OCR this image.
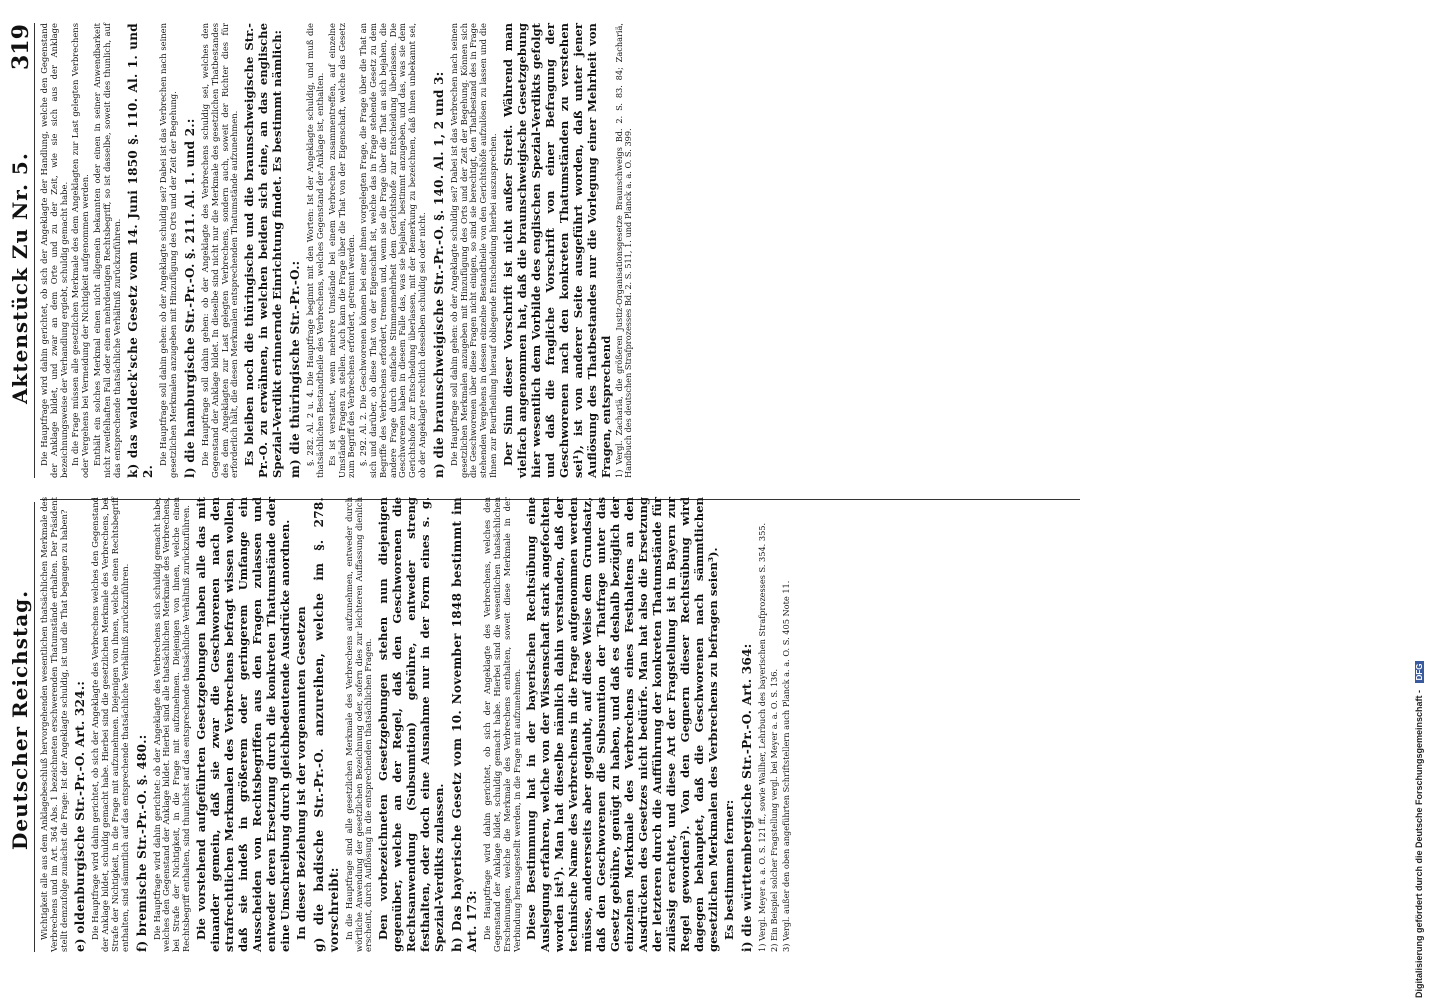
Deutscher Reichstag.
Aktenstück Zu Nr. 5.
319

Wichtigkeit alle aus dem Anklagebeschluß hervorgehenden wesentlichen thatsächlichen Merkmale des Verbrechens und im Art. 364 Abs. 1 bezeichneten erschwerenden Thatumstände erhalten. Der Präsident stellt demzufolge zunächst die Frage: Ist der Angeklagte schuldig, ist und die That begangen zu haben? e) oldenburgische Str.-Pr.-O. Art. 324.: Die Hauptfrage wird dahin gerichtet, ob sich der Angeklagte des Verbrechens welches den Gegenstand der Anklage bildet, schuldig gemacht habe. Hierbei sind die gesetzlichen Merkmale des Verbrechens, bei Strafe der Nichtigkeit, in die Frage mit aufzunehmen. Diejenigen von ihnen, welche einen Rechtsbegriff enthalten, sind sämmtlich auf das entsprechende thatsächliche Verhältniß zurückzuführen. f) bremische Str.-Pr.-O. §. 480.: Die Hauptfrage wird dahin gerichtet: ob der Angeklagte des Verbrechens sich schuldig gemacht habe, welches den Gegenstand der Anklage bildet. Hierbei sind alle thatsächlichen Merkmale des Verbrechens, bei Strafe der Nichtigkeit, in die Frage mit aufzunehmen. Diejenigen von ihnen, welche einen Rechtsbegriff enthalten, sind thunlichst auf das entsprechende thatsächliche Verhältniß zurückzuführen. Die vorstehend aufgeführten Gesetzgebungen haben alle das mit einander gemein, daß sie zwar die Geschworenen nach den strafrechtlichen Merkmalen des Verbrechens befragt wissen wollen, daß sie indeß in größerem oder geringerem Umfange ein Ausscheiden von Rechtsbegriffen aus den Fragen zulassen und entweder deren Ersetzung durch die konkreten Thatumstände oder eine Umschreibung durch gleichbedeutende Ausdrücke anordnen. In dieser Beziehung ist der vorgenannten Gesetzen g) die badische Str.-Pr.-O. anzureihen, welche im §. 278. vorschreibt: In die Hauptfrage sind alle gesetzlichen Merkmale des Verbrechens aufzunehmen, entweder durch wörtliche Anwendung der gesetzlichen Bezeichnung oder, sofern dies zur leichteren Auffassung dienlich erscheint, durch Auflösung in die entsprechenden thatsächlichen Fragen. Den vorbezeichneten Gesetzgebungen stehen nun diejenigen gegenüber, welche an der Regel, daß den Geschworenen die Rechtsanwendung (Subsumtion) gebühre, entweder streng festhalten, oder doch eine Ausnahme nur in der Form eines s. g. Spezial-Verdikts zulassen. h) Das bayerische Gesetz vom 10. November 1848 bestimmt im Art. 173: Die Hauptfrage wird dahin gerichtet, ob sich der Angeklagte des Verbrechens, welches den Gegenstand der Anklage bildet, schuldig gemacht habe. Hierbei sind die wesentlichen thatsächlichen Erscheinungen, welche die Merkmale des Verbrechens enthalten, soweit diese Merkmale in der Verbindung herausgestellt werden, in die Frage mit aufzunehmen. Diese Bestimmung hat in der bayerischen Rechtsübung eine Auslegung erfahren, welche von der Wissenschaft stark angefochten worden ist¹). Man hat dieselbe nämlich dahin verstanden, daß der technische Name des Verbrechens in die Frage aufgenommen werden müsse, andererseits aber geglaubt, auf diese Weise dem Grundsatz, daß den Geschworenen die Subsumtion der Thatfrage unter das Gesetz gebühre, genügt zu haben, und daß es deshalb bezüglich der einzelnen Merkmale des Verbrechens eines Festhaltens an den Ausdrücken des Gesetzes nicht bedürfe. Man hat also die Ersetzung der letzteren durch die Aufführung der konkreten Thatumstände für zulässig erachtet, und diese Art der Fragstellung ist in Bayern zur Regel geworden²). Von den Gegnern dieser Rechtsübung wird dagegen behauptet, daß die Geschworenen nach sämmtlichen gesetzlichen Merkmalen des Verbrechens zu befragen seien³). Es bestimmen ferner: i) die württembergische Str.-Pr.-O. Art. 364: 1) Vergl. Meyer a. a. O. S. 121 ff., sowie Wallher, Lehrbuch des bayerischen Strafprozesses S. 354. 355. 2) Ein Beispiel solcher Fragstellung vergl. bei Meyer a. a. O. S. 136. 3) Vergl. außer den oben angeführten Schriftstellern auch Planck a. a. O. S. 405 Note 11.

Die Hauptfrage wird dahin gerichtet, ob sich der Angeklagte der Handlung, welche den Gegenstand der Anklage bildet, und zwar an dem Orte und zu der Zeit, wie sie sich aus der Anklage bezeichnungsweise der Verhandlung ergiebt, schuldig gemacht habe. In die Frage müssen alle gesetzlichen Merkmale des dem Angeklagten zur Last gelegten Verbrechens oder Vergehens bei Vermeidung der Nichtigkeit aufgenommen werden. Enthält ein solches Merkmal einen nicht allgemein bekannten oder einen in seiner Anwendbarkeit nicht zweifelhaften Fall oder einen mehrdeutigen Rechtsbegriff, so ist dasselbe, soweit dies thunlich, auf das entsprechende thatsächliche Verhältniß zurückzuführen. k) das waldeck'sche Gesetz vom 14. Juni 1850 §. 110. Al. 1. und 2.

Die Hauptfrage soll dahin gehen: ob der Angeklagte schuldig sei? Dabei ist das Verbrechen nach seinen gesetzlichen Merkmalen anzugeben mit Hinzufügung des Orts und der Zeit der Begehung. l) die hamburgische Str.-Pr.-O. §. 211. Al. 1. und 2.: Die Hauptfrage soll dahin gehen: ob der Angeklagte des Verbrechens schuldig sei, welches den Gegenstand der Anklage bildet. In dieselbe sind nicht nur die Merkmale des gesetzlichen Thatbestandes des dem Angeklagten zur Last gelegten Verbrechens, sondern auch, soweit der Richter dies für erforderlich hält, die diesen Merkmalen entsprechenden Thatumstände aufzunehmen. Es bleiben noch die thüringische und die braunschweigische Str.-Pr.-O. zu erwähnen, in welchen beiden sich eine, an das englische Spezial-Verdikt erinnernde Einrichtung findet. Es bestimmt nämlich: m) die thüringische Str.-Pr.-O.: §. 282. Al. 2 u. 4. Die Hauptfrage beginnt mit den Worten: Ist der Angeklagte schuldig, und muß die thatsächlichen Bestandtheile des Verbrechens, welches Gegenstand der Anklage ist, enthalten. Es ist verstattet, wenn mehrere Umstände bei einem Verbrechen zusammentreffen, auf einzelne Umstände Fragen zu stellen. Auch kann die Frage über die That von der Eigenschaft, welche das Gesetz zum Begriff des Verbrechens erfordert, getrennt werden. §. 292. Al. 2. Die Geschworenen können bei einer ihnen vorgelegten Frage, die Frage über die That an sich und darüber, ob diese That von der Eigenschaft ist, welche das in Frage stehende Gesetz zu dem Begriffe des Verbrechens erfordert, trennen und, wenn sie die Frage über die That an sich bejahen, die andere Frage durch einfache Stimmenmehrheit dem Gerichtshofe zur Entscheidung überlassen. Die Geschworenen haben in diesem Falle das, was sie bejahen, bestimmt anzugeben, und das, was sie dem Gerichtshofe zur Entscheidung überlassen, mit der Bemerkung zu bezeichnen, daß ihnen unbekannt sei, ob der Angeklagte rechtlich desselben schuldig sei oder nicht. n) die braunschweigische Str.-Pr.-O. §. 140. Al. 1, 2 und 3: Die Hauptfrage soll dahin gehen: ob der Angeklagte schuldig sei? Dabei ist das Verbrechen nach seinen gesetzlichen Merkmalen anzugeben mit Hinzufügung des Orts und der Zeit der Begehung. Können sich die Geschworenen über diese Fragen nicht einigen, so sind sie berechtigt, den Thatbestand des in Frage stehenden Vergehens in dessen einzelne Bestandtheile von den Gerichtshöfe aufzulösen zu lassen und die Ihnen zur Beurtheilung hierauf obliegende Entscheidung hierbei auszusprechen. Der Sinn dieser Vorschrift ist nicht außer Streit. Während man vielfach angenommen hat, daß die braunschweigische Gesetzgebung hier wesentlich dem Vorbilde des englischen Spezial-Verdikts gefolgt und daß die fragliche Vorschrift von einer Befragung der Geschworenen nach den konkreten Thatumständen zu verstehen sei¹), ist von anderer Seite ausgeführt worden, daß unter jener Auflösung des Thatbestandes nur die Vorlegung einer Mehrheit von Fragen, entsprechend 1) Vergl. Zachariä, die größeren Justiz-Organisationsgesetze Braunschweigs Bd. 2. S. 83. 84; Zachariä, Handbuch des deutschen Strafprozesses Bd. 2. S. 511, 1. und Planck a. a. O. S. 399.

Digitalisierung gefördert durch die Deutsche Forschungsgemeinschaft - DFG
